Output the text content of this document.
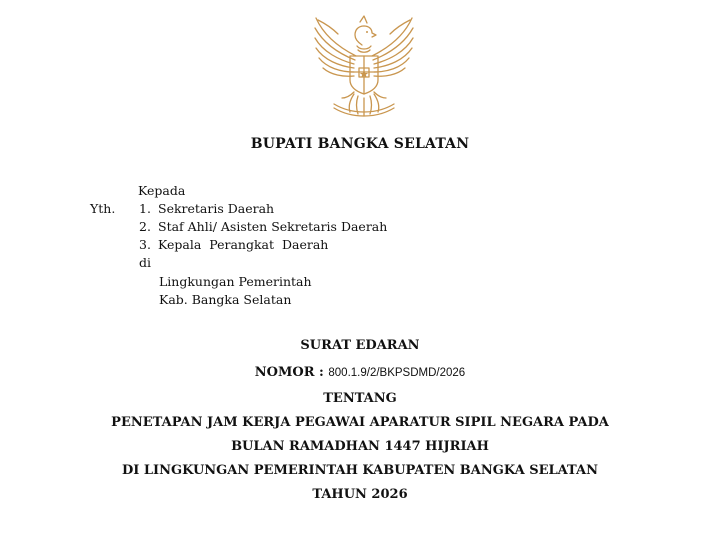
BUPATI BANGKA SELATAN
Kepada
Yth. 1. Sekretaris Daerah
2. Staf Ahli/ Asisten Sekretaris Daerah
3. Kepala  Perangkat  Daerah
di
Lingkungan Pemerintah
Kab. Bangka Selatan
SURAT EDARAN
NOMOR : 800.1.9/2/BKPSDMD/2026
TENTANG
PENETAPAN JAM KERJA PEGAWAI APARATUR SIPIL NEGARA PADA
BULAN RAMADHAN 1447 HIJRIAH
DI LINGKUNGAN PEMERINTAH KABUPATEN BANGKA SELATAN
TAHUN 2026
